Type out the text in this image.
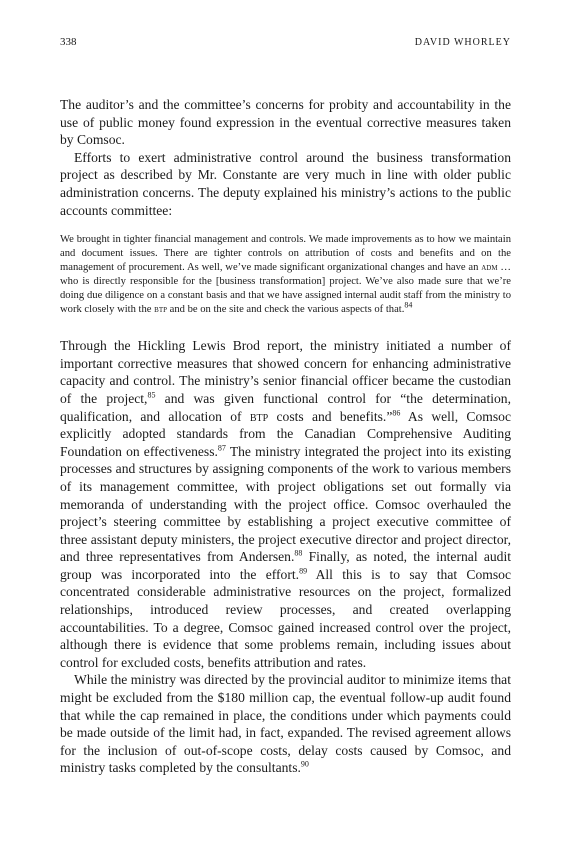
338	DAVID WHORLEY

The auditor’s and the committee’s concerns for probity and accountability in the use of public money found expression in the eventual corrective measures taken by Comsoc.

Efforts to exert administrative control around the business transformation project as described by Mr. Constante are very much in line with older public administration concerns. The deputy explained his ministry’s actions to the public accounts committee:

We brought in tighter financial management and controls. We made improvements as to how we maintain and document issues. There are tighter controls on attribution of costs and benefits and on the management of procurement. As well, we’ve made significant organizational changes and have an adm … who is directly responsible for the [business transformation] project. We’ve also made sure that we’re doing due diligence on a constant basis and that we have assigned internal audit staff from the ministry to work closely with the btp and be on the site and check the various aspects of that.$^{84}$

Through the Hickling Lewis Brod report, the ministry initiated a number of important corrective measures that showed concern for enhancing administrative capacity and control. The ministry’s senior financial officer became the custodian of the project,$^{85}$ and was given functional control for “the determination, qualification, and allocation of btp costs and benefits.”$^{86}$ As well, Comsoc explicitly adopted standards from the Canadian Comprehensive Auditing Foundation on effectiveness.$^{87}$ The ministry integrated the project into its existing processes and structures by assigning components of the work to various members of its management committee, with project obligations set out formally via memoranda of understanding with the project office. Comsoc overhauled the project’s steering committee by establishing a project executive committee of three assistant deputy ministers, the project executive director and project director, and three representatives from Andersen.$^{88}$ Finally, as noted, the internal audit group was incorporated into the effort.$^{89}$ All this is to say that Comsoc concentrated considerable administrative resources on the project, formalized relationships, introduced review processes, and created overlapping accountabilities. To a degree, Comsoc gained increased control over the project, although there is evidence that some problems remain, including issues about control for excluded costs, benefits attribution and rates.

While the ministry was directed by the provincial auditor to minimize items that might be excluded from the $180 million cap, the eventual follow-up audit found that while the cap remained in place, the conditions under which payments could be made outside of the limit had, in fact, expanded. The revised agreement allows for the inclusion of out-of-scope costs, delay costs caused by Comsoc, and ministry tasks completed by the consultants.$^{90}$
